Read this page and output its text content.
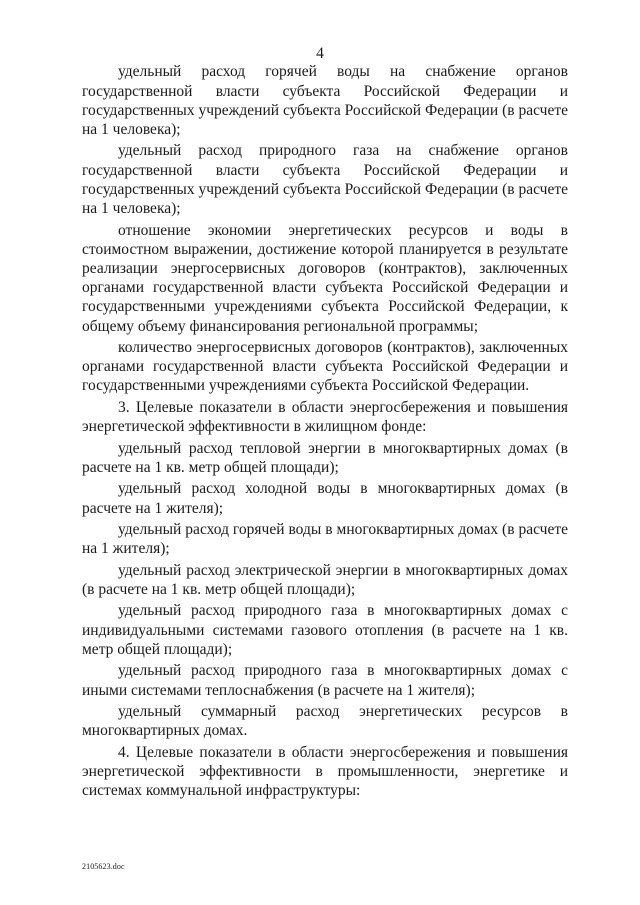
4

удельный расход горячей воды на снабжение органов государственной власти субъекта Российской Федерации и государственных учреждений субъекта Российской Федерации (в расчете на 1 человека);

удельный расход природного газа на снабжение органов государственной власти субъекта Российской Федерации и государственных учреждений субъекта Российской Федерации (в расчете на 1 человека);

отношение экономии энергетических ресурсов и воды в стоимостном выражении, достижение которой планируется в результате реализации энергосервисных договоров (контрактов), заключенных органами государственной власти субъекта Российской Федерации и государственными учреждениями субъекта Российской Федерации, к общему объему финансирования региональной программы;

количество энергосервисных договоров (контрактов), заключенных органами государственной власти субъекта Российской Федерации и государственными учреждениями субъекта Российской Федерации.

3. Целевые показатели в области энергосбережения и повышения энергетической эффективности в жилищном фонде:

удельный расход тепловой энергии в многоквартирных домах (в расчете на 1 кв. метр общей площади);

удельный расход холодной воды в многоквартирных домах (в расчете на 1 жителя);

удельный расход горячей воды в многоквартирных домах (в расчете на 1 жителя);

удельный расход электрической энергии в многоквартирных домах (в расчете на 1 кв. метр общей площади);

удельный расход природного газа в многоквартирных домах с индивидуальными системами газового отопления (в расчете на 1 кв. метр общей площади);

удельный расход природного газа в многоквартирных домах с иными системами теплоснабжения (в расчете на 1 жителя);

удельный суммарный расход энергетических ресурсов в многоквартирных домах.

4. Целевые показатели в области энергосбережения и повышения энергетической эффективности в промышленности, энергетике и системах коммунальной инфраструктуры:

2105623.doc
